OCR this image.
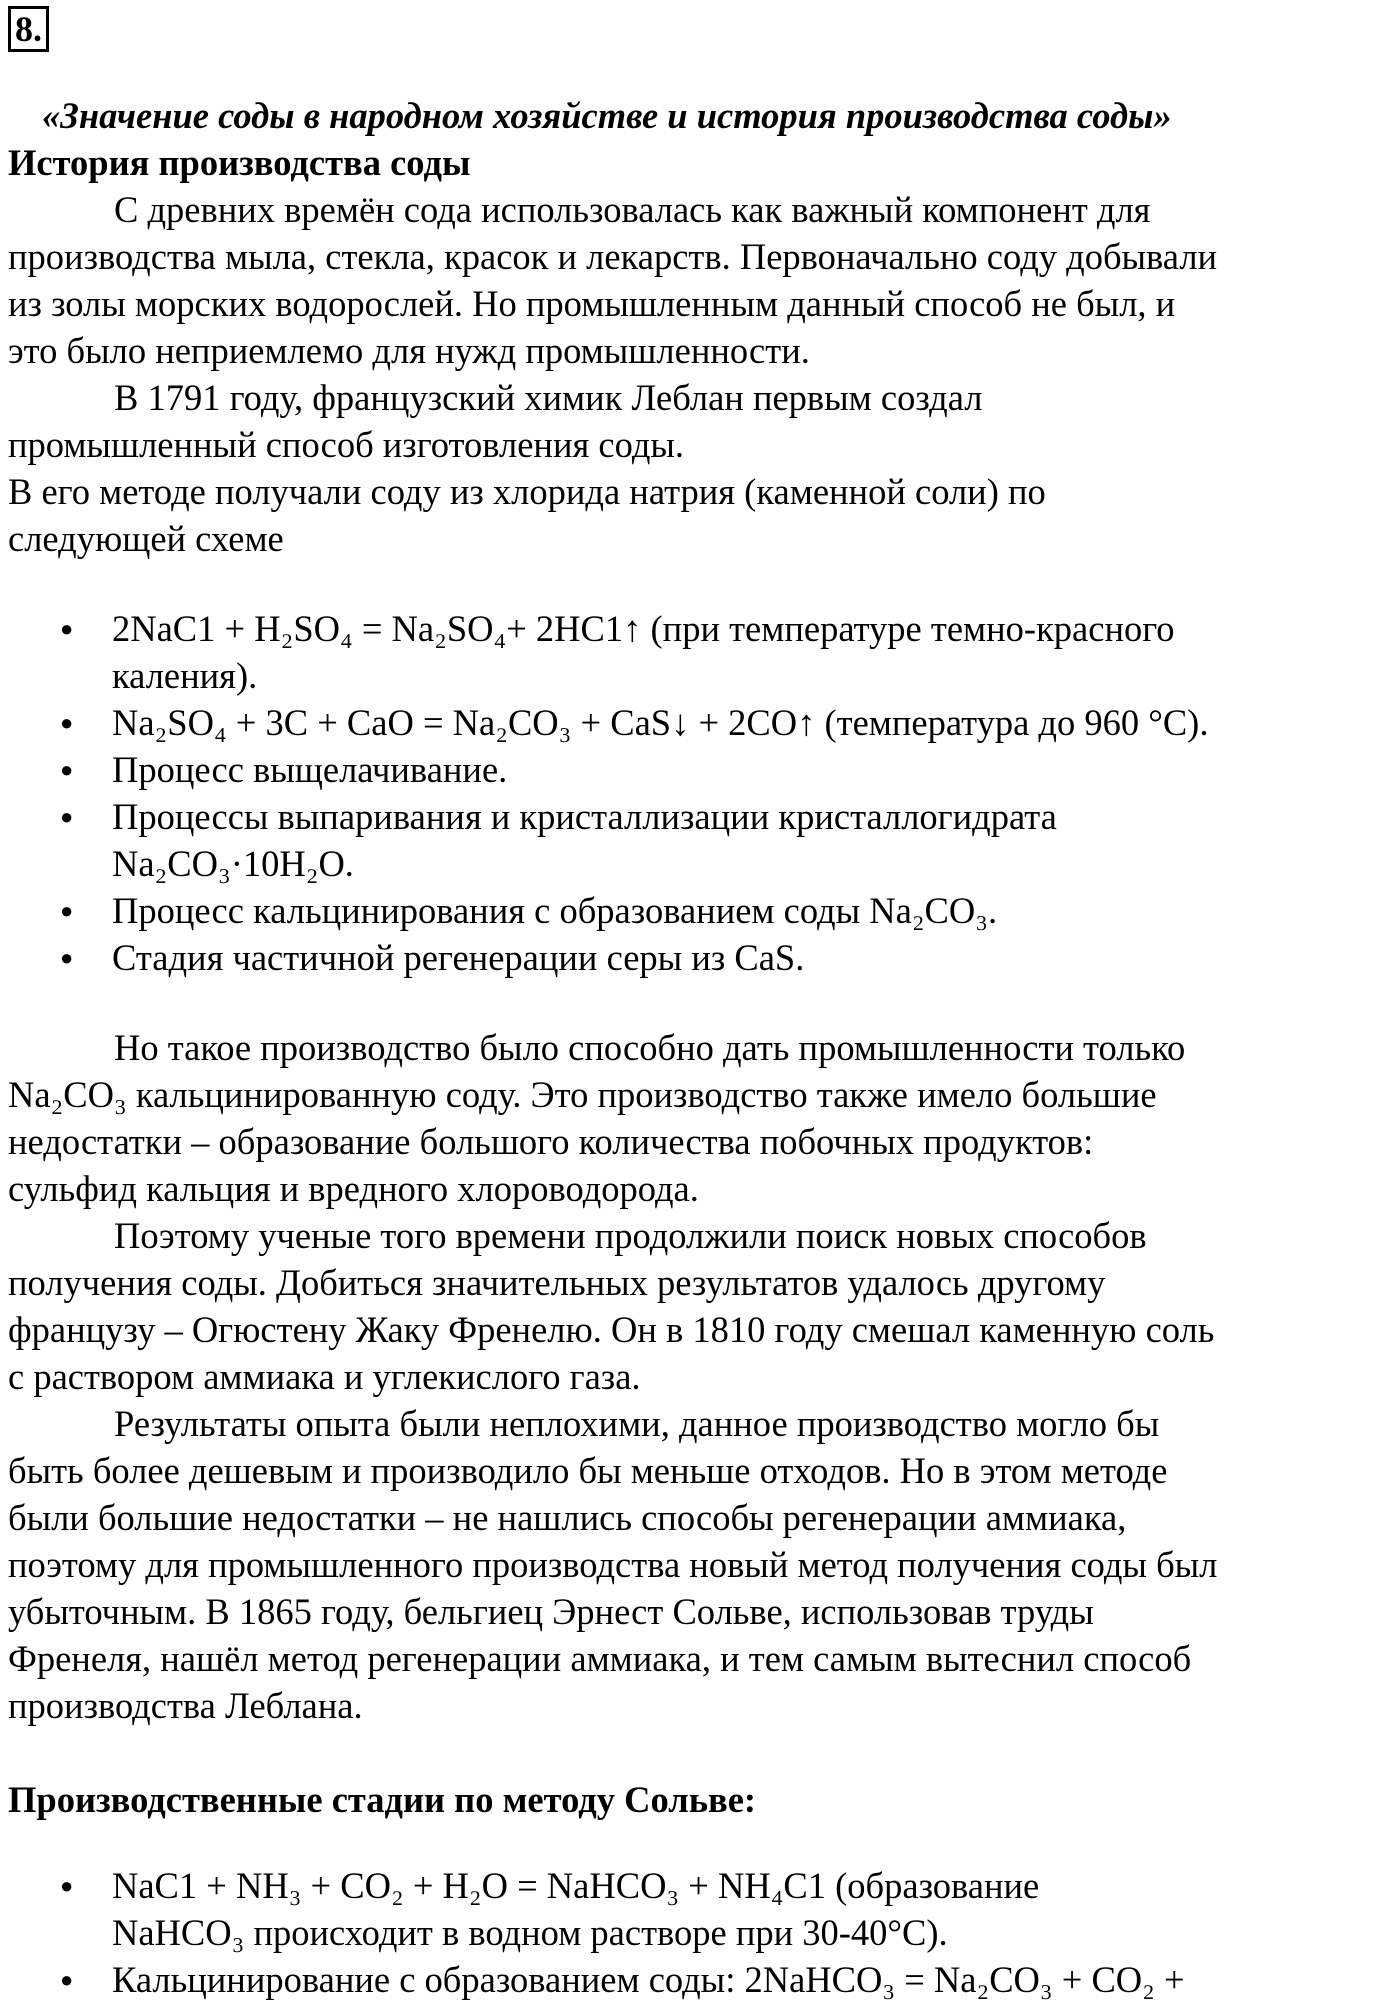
8.
«Значение соды в народном хозяйстве и история производства соды»
История производства соды
С древних времён сода использовалась как важный компонент для
производства мыла, стекла, красок и лекарств. Первоначально соду добывали
из золы морских водорослей. Но промышленным данный способ не был, и
это было неприемлемо для нужд промышленности.
В 1791 году, французский химик Леблан первым создал
промышленный способ изготовления соды.
В его методе получали соду из хлорида натрия (каменной соли) по
следующей схеме
● 2NaC1 + H₂SO₄ = Na₂SO₄+ 2HC1↑ (при температуре темно-красного
каления).
● Na₂SO₄ + 3C + CaO = Na₂CO₃ + CaS↓ + 2CO↑ (температура до 960 °C).
● Процесс выщелачивание.
● Процессы выпаривания и кристаллизации кристаллогидрата
Na₂CO₃·10H₂O.
● Процесс кальцинирования с образованием соды Na₂CO₃.
● Стадия частичной регенерации серы из CaS.
Но такое производство было способно дать промышленности только
Na₂CO₃ кальцинированную соду. Это производство также имело большие
недостатки – образование большого количества побочных продуктов:
сульфид кальция и вредного хлороводорода.
Поэтому ученые того времени продолжили поиск новых способов
получения соды. Добиться значительных результатов удалось другому
французу – Огюстену Жаку Френелю. Он в 1810 году смешал каменную соль
с раствором аммиака и углекислого газа.
Результаты опыта были неплохими, данное производство могло бы
быть более дешевым и производило бы меньше отходов. Но в этом методе
были большие недостатки – не нашлись способы регенерации аммиака,
поэтому для промышленного производства новый метод получения соды был
убыточным. В 1865 году, бельгиец Эрнест Сольве, использовав труды
Френеля, нашёл метод регенерации аммиака, и тем самым вытеснил способ
производства Леблана.
Производственные стадии по методу Сольве:
● NaC1 + NH₃ + CO₂ + H₂O = NaHCO₃ + NH₄C1 (образование
NaHCO₃ происходит в водном растворе при 30-40°C).
● Кальцинирование с образованием соды: 2NaHCO₃ = Na₂CO₃ + CO₂ +
